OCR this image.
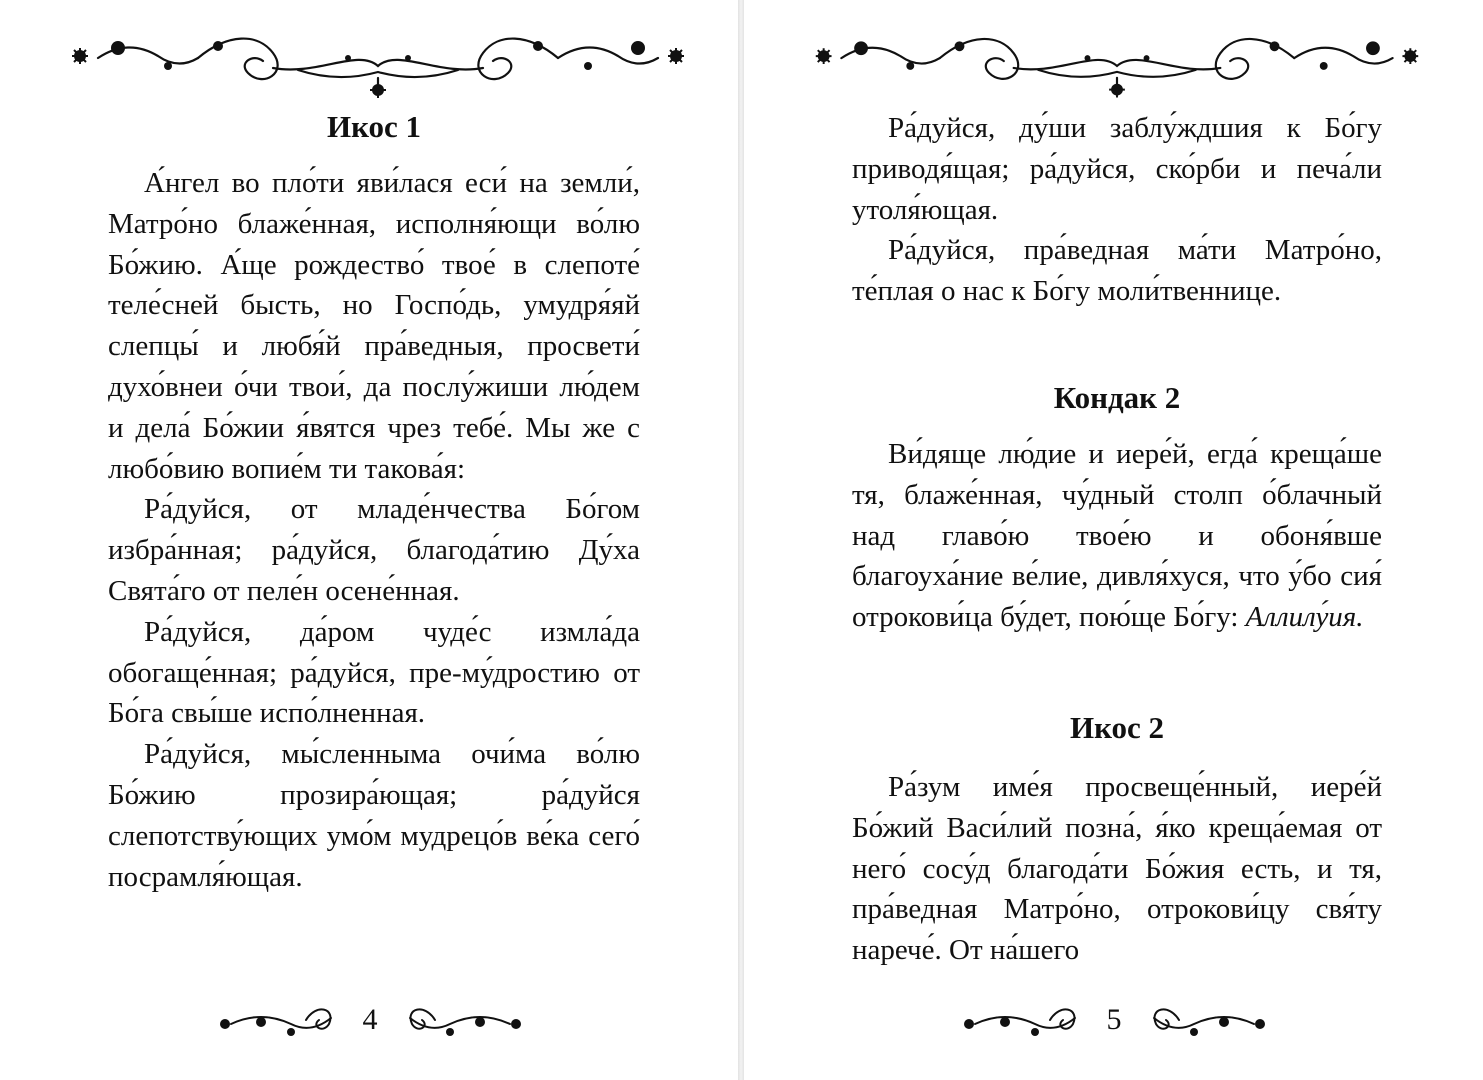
Икос 1

А́нгел во пло́ти яви́лася еси́ на земли́, Матро́но блаже́нная, исполня́ющи во́лю Бо́жию. А́ще рождество́ твое́ в слепоте́ теле́сней бысть, но Госпо́дь, умудря́яй слепцы́ и любя́й пра́ведныя, просвети́ духо́внеи о́чи твои́, да послу́жиши лю́дем и дела́ Бо́жии я́вятся чрез тебе́. Мы же с любо́вию вопие́м ти такова́я:

Ра́дуйся, от младе́нчества Бо́гом избра́нная; ра́дуйся, благода́тию Ду́ха Свята́го от пеле́н осене́нная.

Ра́дуйся, да́ром чуде́с измла́да обогаще́нная; ра́дуйся, пре-му́дростию от Бо́га свы́ше испо́лненная.

Ра́дуйся, мы́сленныма очи́ма во́лю Бо́жию прозира́ющая; ра́дуйся слепотству́ющих умо́м мудрецо́в ве́ка сего́ посрамля́ющая.

4

Ра́дуйся, ду́ши заблу́ждшия к Бо́гу приводя́щая; ра́дуйся, ско́рби и печа́ли утоля́ющая.

Ра́дуйся, пра́ведная ма́ти Матро́но, те́плая о нас к Бо́гу моли́твеннице.

Кондак 2

Ви́дяще лю́дие и иере́й, егда́ креща́ше тя, блаже́нная, чу́дный столп о́блачный над главо́ю твое́ю и обоня́вше благоуха́ние ве́лие, дивля́хуся, что у́бо сия́ отрокови́ца бу́дет, пою́ще Бо́гу: Аллилу́ия.

Икос 2

Ра́зум име́я просвеще́нный, иере́й Бо́жий Васи́лий позна́, я́ко креща́емая от него́ сосу́д благода́ти Бо́жия есть, и тя, пра́ведная Матро́но, отрокови́цу свя́ту нарече́. От на́шего

5
